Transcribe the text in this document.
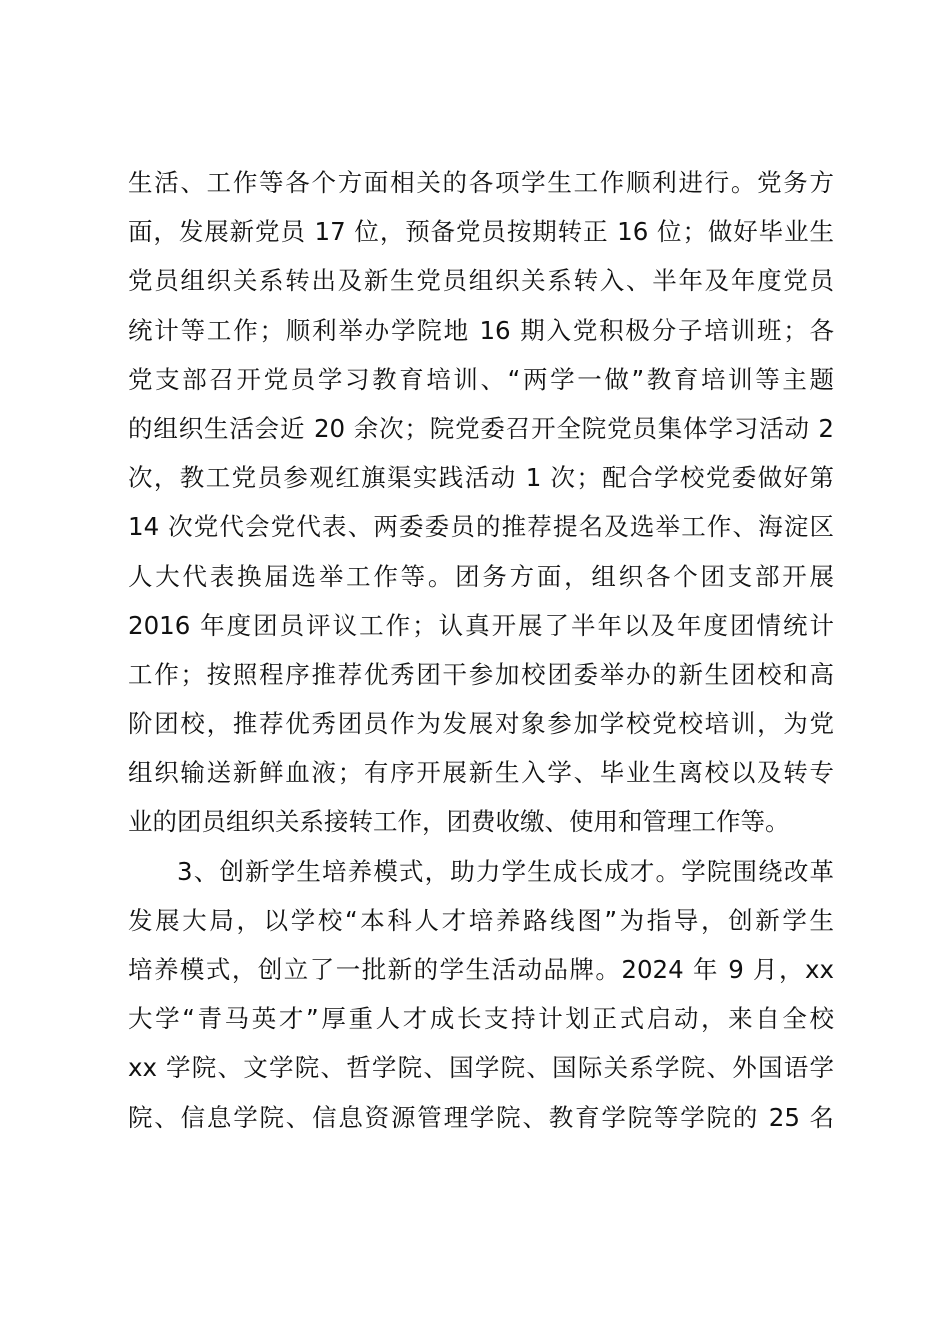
生活、工作等各个方面相关的各项学生工作顺利进行。党务方
面，发展新党员 17 位，预备党员按期转正 16 位；做好毕业生
党员组织关系转出及新生党员组织关系转入、半年及年度党员
统计等工作；顺利举办学院地 16 期入党积极分子培训班；各
党支部召开党员学习教育培训、“两学一做”教育培训等主题
的组织生活会近 20 余次；院党委召开全院党员集体学习活动 2
次，教工党员参观红旗渠实践活动 1 次；配合学校党委做好第
14 次党代会党代表、两委委员的推荐提名及选举工作、海淀区
人大代表换届选举工作等。团务方面，组织各个团支部开展
2016 年度团员评议工作；认真开展了半年以及年度团情统计
工作；按照程序推荐优秀团干参加校团委举办的新生团校和高
阶团校，推荐优秀团员作为发展对象参加学校党校培训，为党
组织输送新鲜血液；有序开展新生入学、毕业生离校以及转专
业的团员组织关系接转工作，团费收缴、使用和管理工作等。
3、创新学生培养模式，助力学生成长成才。学院围绕改革
发展大局，以学校“本科人才培养路线图”为指导，创新学生
培养模式，创立了一批新的学生活动品牌。2024 年 9 月，xx
大学“青马英才”厚重人才成长支持计划正式启动，来自全校
xx 学院、文学院、哲学院、国学院、国际关系学院、外国语学
院、信息学院、信息资源管理学院、教育学院等学院的 25 名
